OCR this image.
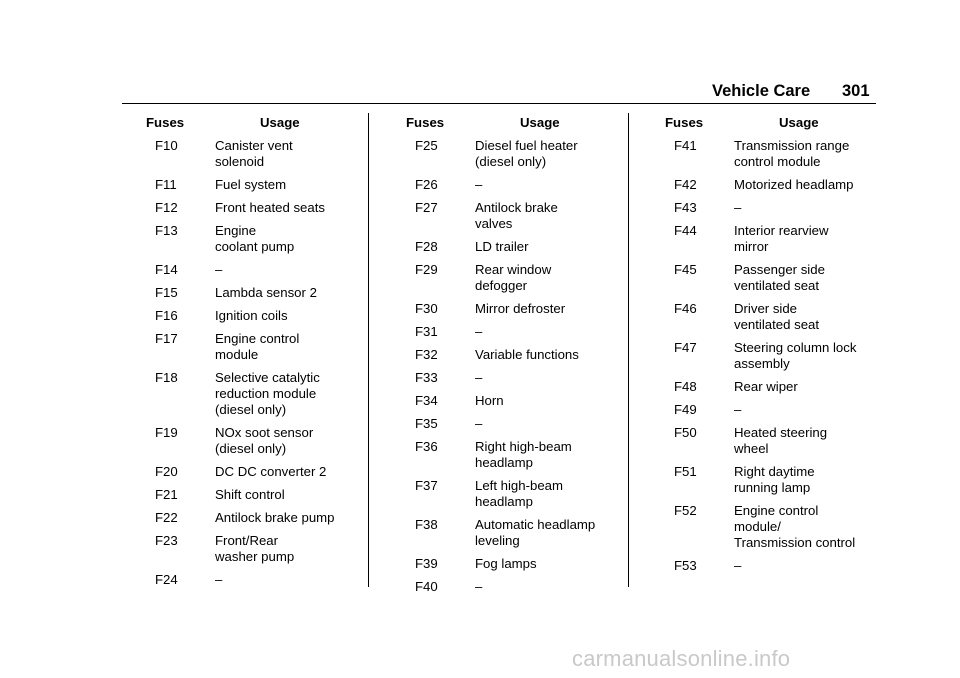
Vehicle Care 301
Fuses	Usage
F10	Canister vent
solenoid
F11	Fuel system
F12	Front heated seats
F13	Engine
coolant pump
F14	–
F15	Lambda sensor 2
F16	Ignition coils
F17	Engine control
module
F18	Selective catalytic
reduction module
(diesel only)
F19	NOx soot sensor
(diesel only)
F20	DC DC converter 2
F21	Shift control
F22	Antilock brake pump
F23	Front/Rear
washer pump
F24	–
Fuses	Usage
F25	Diesel fuel heater
(diesel only)
F26	–
F27	Antilock brake
valves
F28	LD trailer
F29	Rear window
defogger
F30	Mirror defroster
F31	–
F32	Variable functions
F33	–
F34	Horn
F35	–
F36	Right high-beam
headlamp
F37	Left high-beam
headlamp
F38	Automatic headlamp
leveling
F39	Fog lamps
F40	–
Fuses	Usage
F41	Transmission range
control module
F42	Motorized headlamp
F43	–
F44	Interior rearview
mirror
F45	Passenger side
ventilated seat
F46	Driver side
ventilated seat
F47	Steering column lock
assembly
F48	Rear wiper
F49	–
F50	Heated steering
wheel
F51	Right daytime
running lamp
F52	Engine control
module/
Transmission control
F53	–
carmanualsonline.info
